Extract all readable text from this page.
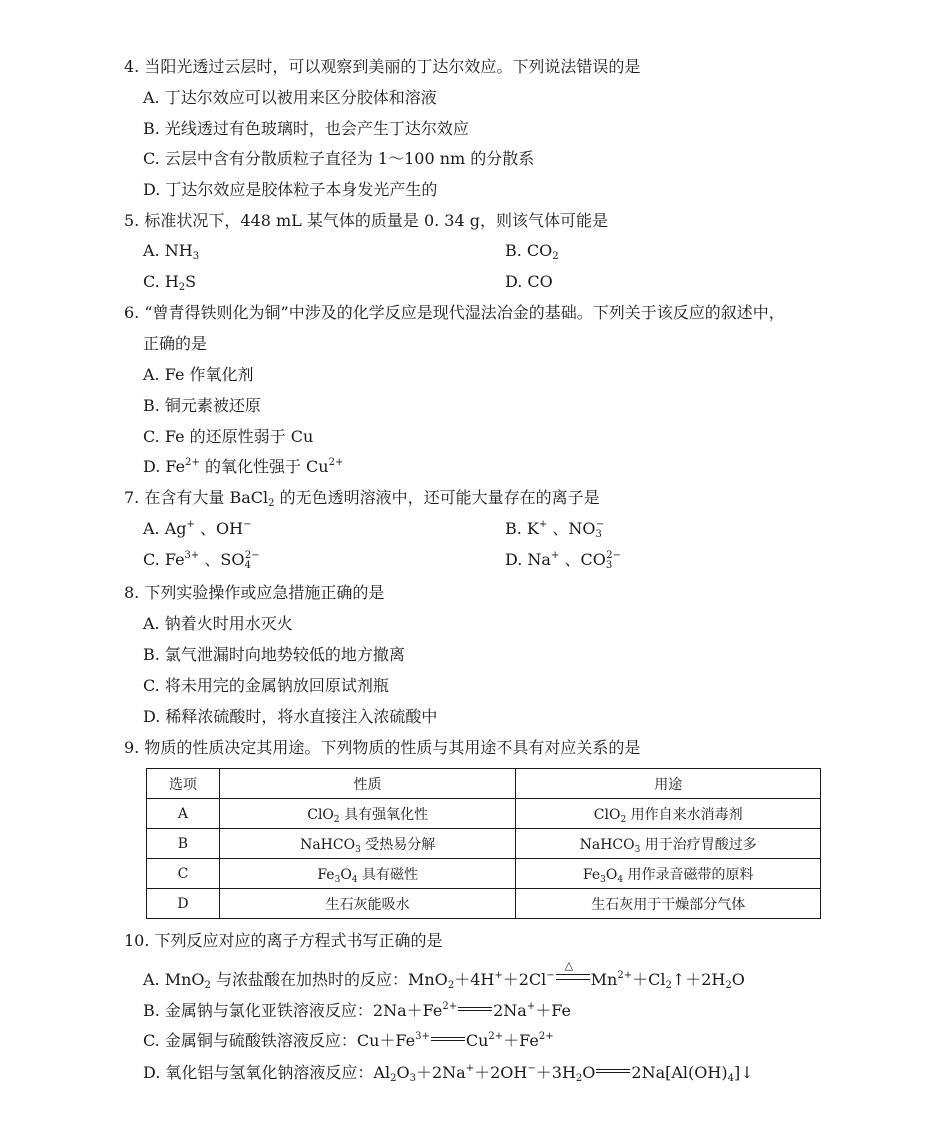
4. 当阳光透过云层时，可以观察到美丽的丁达尔效应。下列说法错误的是
A. 丁达尔效应可以被用来区分胶体和溶液
B. 光线透过有色玻璃时，也会产生丁达尔效应
C. 云层中含有分散质粒子直径为 1～100 nm 的分散系
D. 丁达尔效应是胶体粒子本身发光产生的
5. 标准状况下，448 mL 某气体的质量是 0. 34 g，则该气体可能是
A. $NH_3$	B. $CO_2$
C. $H_2S$	D. CO
6. “曾青得铁则化为铜”中涉及的化学反应是现代湿法冶金的基础。下列关于该反应的叙述中，
正确的是
A. Fe 作氧化剂
B. 铜元素被还原
C. Fe 的还原性弱于 Cu
D. $Fe^{2+}$ 的氧化性强于 $Cu^{2+}$
7. 在含有大量 BaCl$_2$ 的无色透明溶液中，还可能大量存在的离子是
A. Ag+ 、OH−	B. K+ 、$NO_3^-$
C. $Fe^{3+}$ 、$SO_4^{2-}$	D. Na+ 、$CO_3^{2-}$
8. 下列实验操作或应急措施正确的是
A. 钠着火时用水灭火
B. 氯气泄漏时向地势较低的地方撤离
C. 将未用完的金属钠放回原试剂瓶
D. 稀释浓硫酸时，将水直接注入浓硫酸中
9. 物质的性质决定其用途。下列物质的性质与其用途不具有对应关系的是
选项	性质	用途
A	ClO$_2$ 具有强氧化性	ClO$_2$ 用作自来水消毒剂
B	NaHCO$_3$ 受热易分解	NaHCO$_3$ 用于治疗胃酸过多
C	$Fe_3O_4$ 具有磁性	$Fe_3O_4$ 用作录音磁带的原料
D	生石灰能吸水	生石灰用于干燥部分气体
10. 下列反应对应的离子方程式书写正确的是
A. MnO$_2$ 与浓盐酸在加热时的反应：MnO$_2$＋4H+＋2Cl−
△
$Mn^{2+}+Cl_2↑+2H_2O$
B. 金属钠与氯化亚铁溶液反应：$2Na+Fe^{2+}$ 2Na+＋Fe
C. 金属铜与硫酸铁溶液反应：$Cu+Fe^{3+}$ $Cu^{2+}+Fe^{2+}$
D. 氧化铝与氢氧化钠溶液反应：$Al_2O_3+2Na^++2OH^-+3H_2O$ $2Na[Al(OH)_4]↓$
